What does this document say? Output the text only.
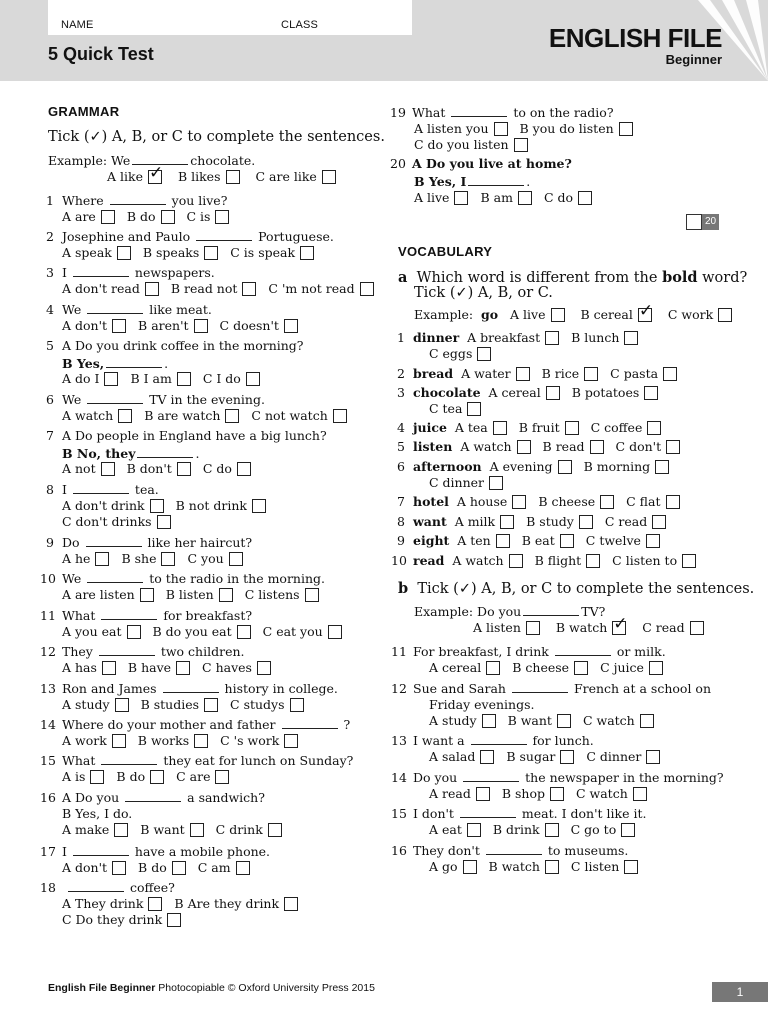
NAME	CLASS
5 Quick Test
ENGLISH FILE
Beginner
GRAMMAR
Tick (✓) A, B, or C to complete the sentences.
Example: We	chocolate.
A like ✓
	B likes
	C are like
1 Where	you live?
A are B do C is
2 Josephine and Paulo	Portuguese.
A speak B speaks C is speak
3 I	newspapers.
A don't read B read not C 'm not read
4 We	like meat.
A don't B aren't C doesn't
5 A Do you drink coffee in the morning?
B Yes,	.
A do I B I am C I do
6 We	TV in the evening.
A watch B are watch C not watch
7 A Do people in England have a big lunch?
B No, they	.
A not B don't C do
8 I	tea.
A don't drink B not drink
C don't drinks
9 Do	like her haircut?
A he B she C you
10 We	to the radio in the morning.
A are listen B listen C listens
11 What	for breakfast?
A you eat B do you eat C eat you
12 They	two children.
A has B have C haves
13 Ron and James	history in college.
A study B studies C studys
14 Where do your mother and father	?
A work B works C 's work
15 What	they eat for lunch on Sunday?
A is B do C are
16 A Do you	a sandwich?
B Yes, I do.
A make B want C drink
17 I	have a mobile phone.
A don't B do C am
18	coffee?
A They drink B Are they drink
C Do they drink
19 What	to on the radio?
A listen you B you do listen
C do you listen
20 A Do you live at home?
B Yes, I	.
A live B am C do
20
VOCABULARY
a Which word is different from the bold word?
Tick (✓) A, B, or C.
Example: go A live
	B cereal ✓
	C work
1 dinner A breakfast B lunch
C eggs
2 bread A water B rice C pasta
3 chocolate A cereal B potatoes
C tea
4 juice A tea B fruit C coffee
5 listen A watch B read C don't
6 afternoon A evening B morning
C dinner
7 hotel A house B cheese C flat
8 want A milk B study C read
9 eight A ten B eat C twelve
10 read A watch B flight C listen to
b Tick (✓) A, B, or C to complete the sentences.
Example: Do you	TV?
A listen
	B watch ✓
	C read
11 For breakfast, I drink	or milk.
A cereal B cheese C juice
12 Sue and Sarah	French at a school on
Friday evenings.
A study B want C watch
13 I want a	for lunch.
A salad B sugar C dinner
14 Do you	the newspaper in the morning?
A read B shop C watch
15 I don't	meat. I don't like it.
A eat B drink C go to
16 They don't	to museums.
A go B watch C listen
English File Beginner Photocopiable © Oxford University Press 2015	1
